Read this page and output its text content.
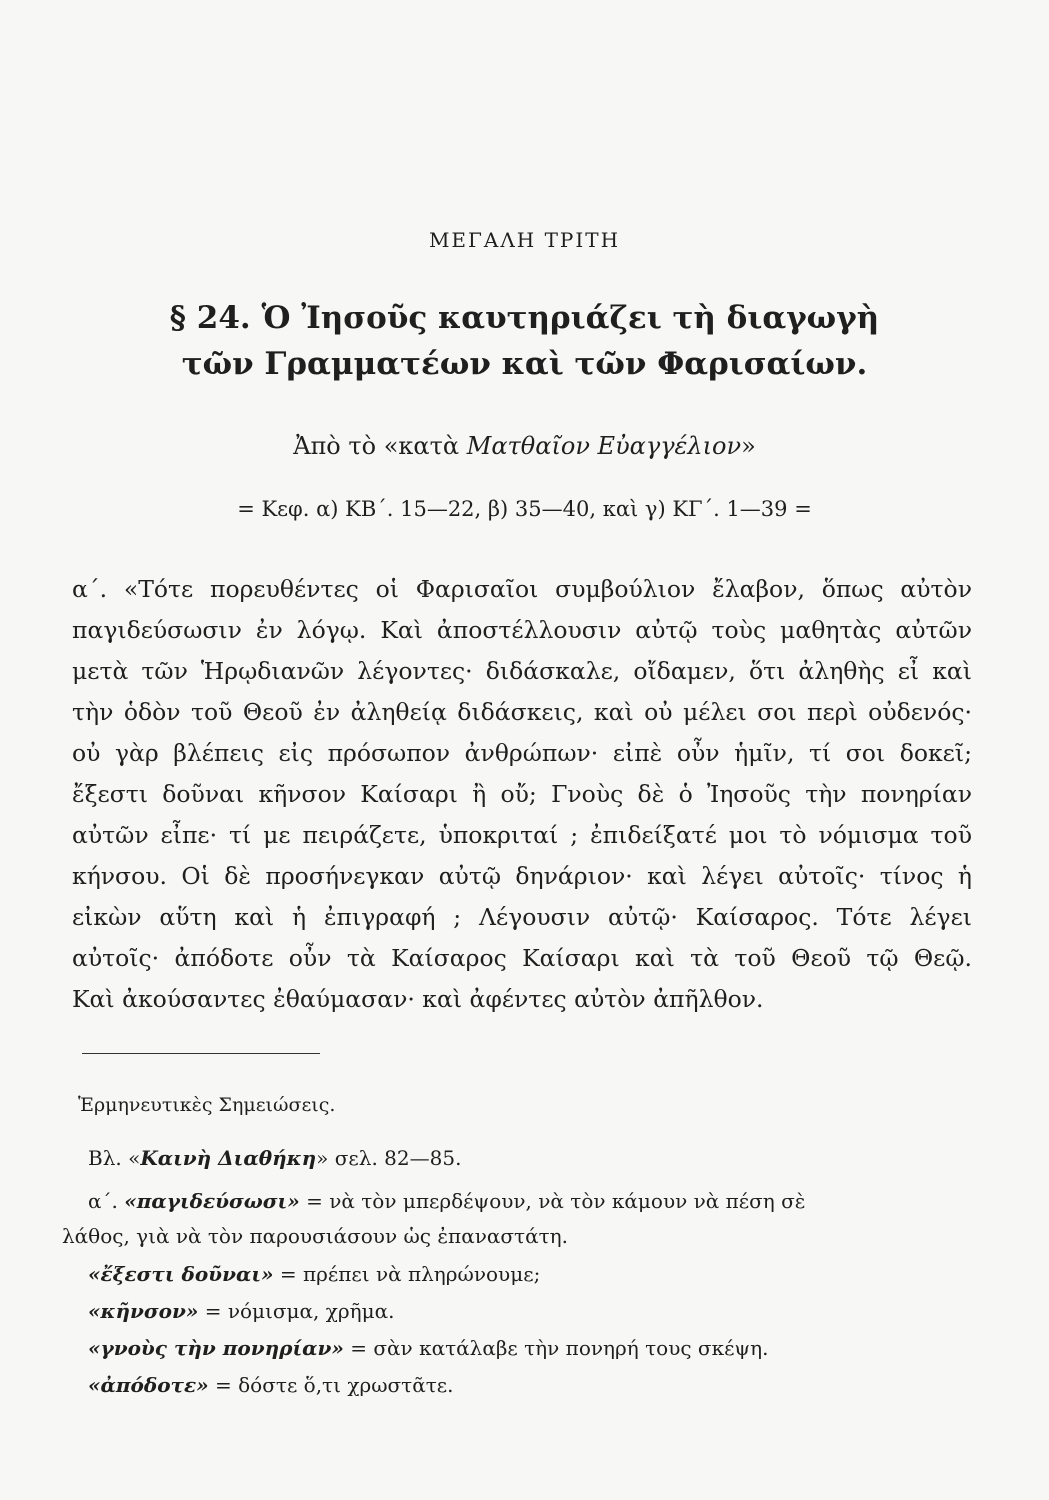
ΜΕΓΑΛΗ ΤΡΙΤΗ
§ 24. Ὁ Ἰησοῦς καυτηριάζει τὴ διαγωγὴ
τῶν Γραμματέων καὶ τῶν Φαρισαίων.
Ἀπὸ τὸ «κατὰ Ματθαῖον Εὐαγγέλιον»
= Κεφ. α) ΚΒ΄. 15—22, β) 35—40, καὶ γ) ΚΓ΄. 1—39 =
α΄. «Τότε πορευθέντες οἱ Φαρισαῖοι συμβούλιον ἔλαβον, ὅπως αὐτὸν
παγιδεύσωσιν ἐν λόγῳ. Καὶ ἀποστέλλουσιν αὐτῷ τοὺς μαθητὰς αὐτῶν
μετὰ τῶν Ἡρῳδιανῶν λέγοντες· διδάσκαλε, οἴδαμεν, ὅτι ἀληθὴς εἶ καὶ
τὴν ὁδὸν τοῦ Θεοῦ ἐν ἀληθείᾳ διδάσκεις, καὶ οὐ μέλει σοι περὶ οὐδενός·
οὐ γὰρ βλέπεις εἰς πρόσωπον ἀνθρώπων· εἰπὲ οὖν ἡμῖν, τί σοι δοκεῖ;
ἔξεστι δοῦναι κῆνσον Καίσαρι ἢ οὔ; Γνοὺς δὲ ὁ Ἰησοῦς τὴν πονηρίαν
αὐτῶν εἶπε· τί με πειράζετε, ὑποκριταί ; ἐπιδείξατέ μοι τὸ νόμισμα τοῦ
κήνσου. Οἱ δὲ προσήνεγκαν αὐτῷ δηνάριον· καὶ λέγει αὐτοῖς· τίνος ἡ
εἰκὼν αὕτη καὶ ἡ ἐπιγραφή ; Λέγουσιν αὐτῷ· Καίσαρος. Τότε λέγει
αὐτοῖς· ἀπόδοτε οὖν τὰ Καίσαρος Καίσαρι καὶ τὰ τοῦ Θεοῦ τῷ Θεῷ.
Καὶ ἀκούσαντες ἐθαύμασαν· καὶ ἀφέντες αὐτὸν ἀπῆλθον.
Ἑρμηνευτικὲς Σημειώσεις.
Βλ. «Καινὴ Διαθήκη» σελ. 82—85.
α΄. «παγιδεύσωσι» = νὰ τὸν μπερδέψουν, νὰ τὸν κάμουν νὰ πέση σὲ
λάθος, γιὰ νὰ τὸν παρουσιάσουν ὡς ἐπαναστάτη.
«ἔξεστι δοῦναι» = πρέπει νὰ πληρώνουμε;
«κῆνσον» = νόμισμα, χρῆμα.
«γνοὺς τὴν πονηρίαν» = σὰν κατάλαβε τὴν πονηρή τους σκέψη.
«ἀπόδοτε» = δόστε ὅ,τι χρωστᾶτε.
